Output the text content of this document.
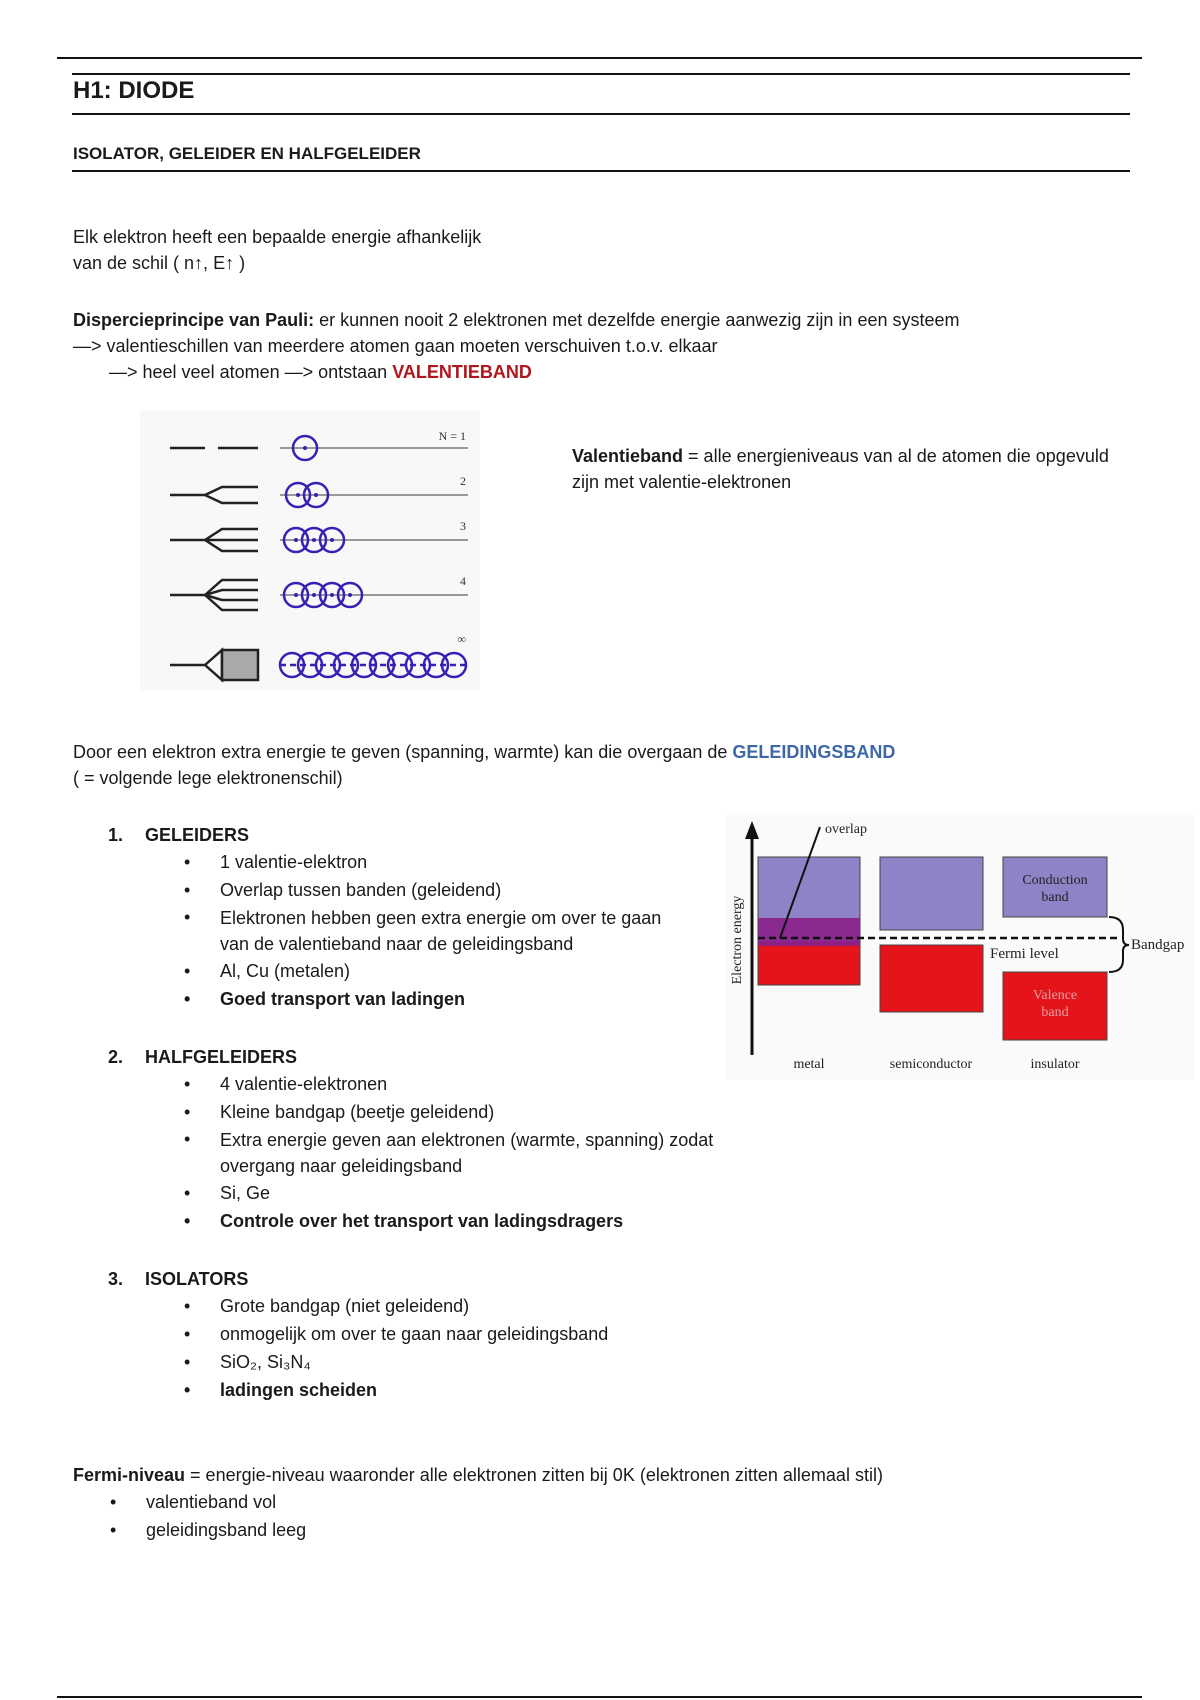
H1: DIODE
ISOLATOR, GELEIDER EN HALFGELEIDER
Elk elektron heeft een bepaalde energie afhankelijk
van de schil ( n↑, E↑ )
Dispercieprincipe van Pauli: er kunnen nooit 2 elektronen met dezelfde energie aanwezig zijn in een systeem
—> valentieschillen van meerdere atomen gaan moeten verschuiven t.o.v. elkaar
—> heel veel atomen —> ontstaan VALENTIEBAND
N = 1
2
3
4
∞
Valentieband = alle energieniveaus van al de atomen die opgevuld zijn met valentie-elektronen
Door een elektron extra energie te geven (spanning, warmte) kan die overgaan de GELEIDINGSBAND
( = volgende lege elektronenschil)
1. GELEIDERS
• 1 valentie-elektron
• Overlap tussen banden (geleidend)
• Elektronen hebben geen extra energie om over te gaan van de valentieband naar de geleidingsband
• Al, Cu (metalen)
• Goed transport van ladingen
2. HALFGELEIDERS
• 4 valentie-elektronen
• Kleine bandgap (beetje geleidend)
• Extra energie geven aan elektronen (warmte, spanning) zodat overgang naar geleidingsband
• Si, Ge
• Controle over het transport van ladingsdragers
3. ISOLATORS
• Grote bandgap (niet geleidend)
• onmogelijk om over te gaan naar geleidingsband
• SiO₂, Si₃N₄
• ladingen scheiden
Electron energy
overlap
Fermi level
Conduction band
Valence band
Bandgap
metal	semiconductor	insulator
Fermi-niveau = energie-niveau waaronder alle elektronen zitten bij 0K (elektronen zitten allemaal stil)
• valentieband vol
• geleidingsband leeg
